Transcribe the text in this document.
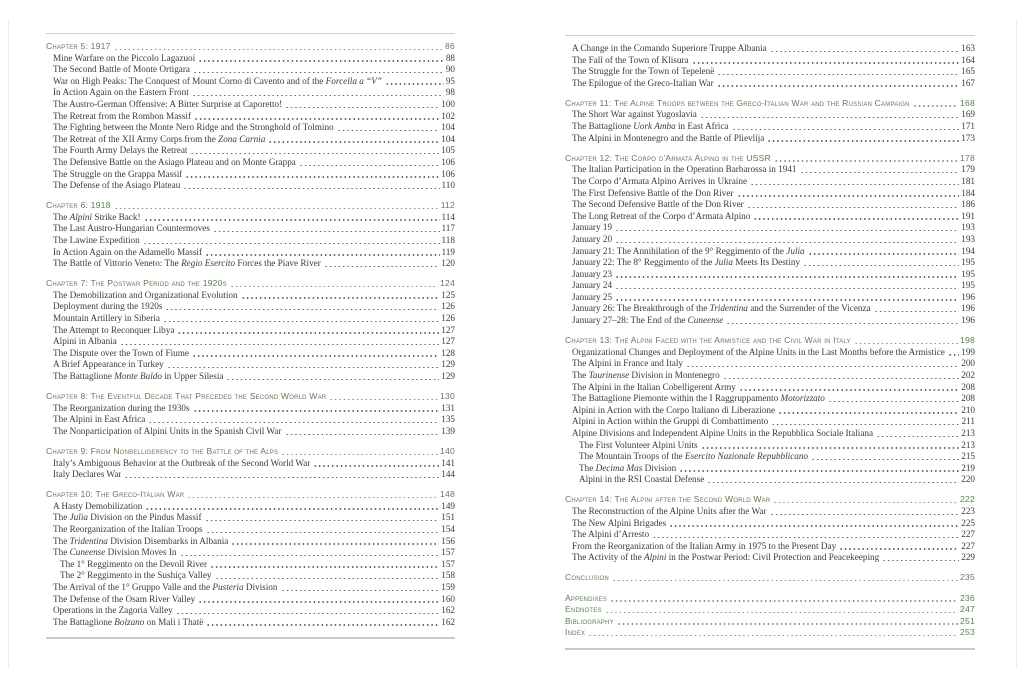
Chapter 5: 1917	86
Mine Warfare on the Piccolo Lagazuoi	88
The Second Battle of Monte Ortigara	90
War on High Peaks: The Conquest of Mount Corno di Cavento and of the Forcella a “V”	95
In Action Again on the Eastern Front	98
The Austro-German Offensive: A Bitter Surprise at Caporetto!	100
The Retreat from the Rombon Massif	102
The Fighting between the Monte Nero Ridge and the Stronghold of Tolmino	104
The Retreat of the XII Army Corps from the Zona Carnia	104
The Fourth Army Delays the Retreat	105
The Defensive Battle on the Asiago Plateau and on Monte Grappa	106
The Struggle on the Grappa Massif	106
The Defense of the Asiago Plateau	110
Chapter 6: 1918	112
The Alpini Strike Back!	114
The Last Austro-Hungarian Countermoves	117
The Lawine Expedition	118
In Action Again on the Adamello Massif	119
The Battle of Vittorio Veneto: The Regio Esercito Forces the Piave River	120
Chapter 7: The Postwar Period and the 1920s	124
The Demobilization and Organizational Evolution	125
Deployment during the 1920s	126
Mountain Artillery in Siberia	126
The Attempt to Reconquer Libya	127
Alpini in Albania	127
The Dispute over the Town of Fiume	128
A Brief Appearance in Turkey	129
The Battaglione Monte Baldo in Upper Silesia	129
Chapter 8: The Eventful Decade That Preceded the Second World War	130
The Reorganization during the 1930s	131
The Alpini in East Africa	135
The Nonparticipation of Alpini Units in the Spanish Civil War	139
Chapter 9: From Nonbelligerency to the Battle of the Alps	140
Italy’s Ambiguous Behavior at the Outbreak of the Second World War	141
Italy Declares War	144
Chapter 10: The Greco-Italian War	148
A Hasty Demobilization	149
The Julia Division on the Pindus Massif	151
The Reorganization of the Italian Troops	154
The Tridentina Division Disembarks in Albania	156
The Cuneense Division Moves In	157
The 1° Reggimento on the Devoll River	157
The 2° Reggimento in the Sushiça Valley	158
The Arrival of the 1° Gruppo Valle and the Pusteria Division	159
The Defense of the Osam River Valley	160
Operations in the Zagoria Valley	162
The Battaglione Bolzano on Mali i Thatë	162
A Change in the Comando Superiore Truppe Albania	163
The Fall of the Town of Klisura	164
The Struggle for the Town of Tepelenë	165
The Epilogue of the Greco-Italian War	167
Chapter 11: The Alpine Troops between the Greco-Italian War and the Russian Campaign	168
The Short War against Yugoslavia	169
The Battaglione Uork Amba in East Africa	171
The Alpini in Montenegro and the Battle of Plievlija	173
Chapter 12: The Corpo d’Armata Alpino in the USSR	178
The Italian Participation in the Operation Barbarossa in 1941	179
The Corpo d’Armata Alpino Arrives in Ukraine	181
The First Defensive Battle of the Don River	184
The Second Defensive Battle of the Don River	186
The Long Retreat of the Corpo d’Armata Alpino	191
January 19	193
January 20	193
January 21: The Annihilation of the 9° Reggimento of the Julia	194
January 22: The 8° Reggimento of the Julia Meets Its Destiny	195
January 23	195
January 24	195
January 25	196
January 26: The Breakthrough of the Tridentina and the Surrender of the Vicenza	196
January 27–28: The End of the Cuneense	196
Chapter 13: The Alpini Faced with the Armistice and the Civil War in Italy	198
Organizational Changes and Deployment of the Alpine Units in the Last Months before the Armistice 199
The Alpini in France and Italy	200
The Taurinense Division in Montenegro	202
The Alpini in the Italian Cobelligerent Army	208
The Battaglione Piemonte within the I Raggruppamento Motorizzato	208
Alpini in Action with the Corpo Italiano di Liberazione	210
Alpini in Action within the Gruppi di Combattimento	211
Alpine Divisions and Independent Alpine Units in the Repubblica Sociale Italiana	213
The First Volunteer Alpini Units	213
The Mountain Troops of the Esercito Nazionale Repubblicano	215
The Decima Mas Division	219
Alpini in the RSI Coastal Defense	220
Chapter 14: The Alpini after the Second World War	222
The Reconstruction of the Alpine Units after the War	223
The New Alpini Brigades	225
The Alpini d’Arresto	227
From the Reorganization of the Italian Army in 1975 to the Present Day	227
The Activity of the Alpini in the Postwar Period: Civil Protection and Peacekeeping	229
Conclusion	235
Appendixes	236
Endnotes	247
Bibliography	251
Index	253
